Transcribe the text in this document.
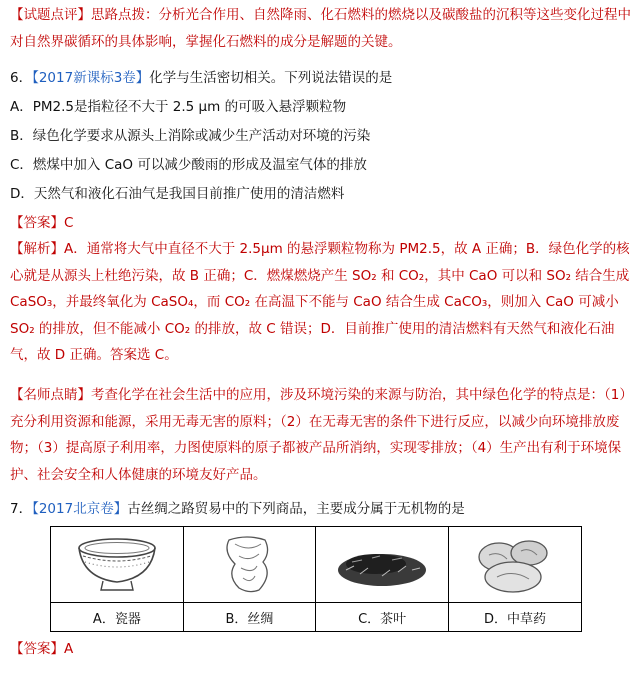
【试题点评】思路点拨：分析光合作用、自然降雨、化石燃料的燃烧以及碳酸盐的沉积等这些变化过程中对自然界碳循环的具体影响，掌握化石燃料的成分是解题的关键。

6．【2017新课标3卷】化学与生活密切相关。下列说法错误的是
A．PM2.5是指粒径不大于 2.5 μm 的可吸入悬浮颗粒物
B．绿色化学要求从源头上消除或减少生产活动对环境的污染
C．燃煤中加入 CaO 可以减少酸雨的形成及温室气体的排放
D．天然气和液化石油气是我国目前推广使用的清洁燃料
【答案】C

【解析】A．通常将大气中直径不大于 2.5μm 的悬浮颗粒物称为 PM2.5，故 A 正确；B．绿色化学的核心就是从源头上杜绝污染，故 B 正确；C．燃煤燃烧产生 SO₂ 和 CO₂，其中 CaO 可以和 SO₂ 结合生成 CaSO₃，并最终氧化为 CaSO₄，而 CO₂ 在高温下不能与 CaO 结合生成 CaCO₃，则加入 CaO 可减小 SO₂ 的排放，但不能减小 CO₂ 的排放，故 C 错误；D．目前推广使用的清洁燃料有天然气和液化石油气，故 D 正确。答案选 C。

【名师点睛】考查化学在社会生活中的应用，涉及环境污染的来源与防治，其中绿色化学的特点是：（1）充分利用资源和能源，采用无毒无害的原料；（2）在无毒无害的条件下进行反应，以减少向环境排放废物；（3）提高原子利用率，力图使原料的原子都被产品所消纳，实现零排放；（4）生产出有利于环境保护、社会安全和人体健康的环境友好产品。

7．【2017北京卷】古丝绸之路贸易中的下列商品，主要成分属于无机物的是

A．瓷器	B．丝绸	C．茶叶	D．中草药
【答案】A
